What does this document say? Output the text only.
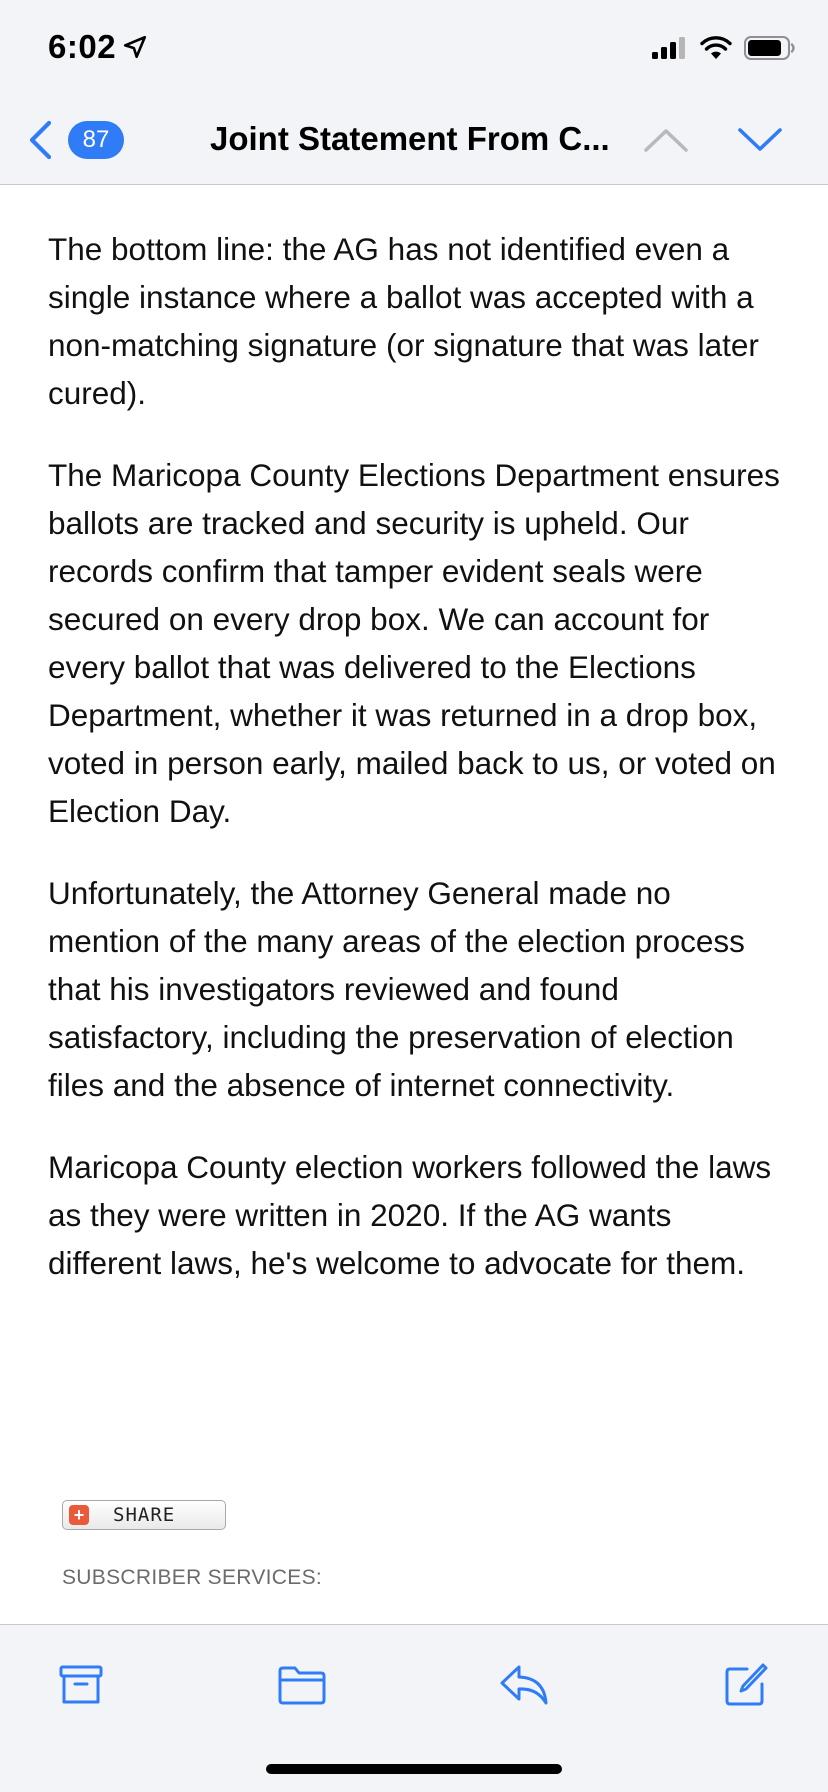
6:02
87	Joint Statement From C...

The bottom line: the AG has not identified even a single instance where a ballot was accepted with a non-matching signature (or signature that was later cured).

The Maricopa County Elections Department ensures ballots are tracked and security is upheld. Our records confirm that tamper evident seals were secured on every drop box. We can account for every ballot that was delivered to the Elections Department, whether it was returned in a drop box, voted in person early, mailed back to us, or voted on Election Day.

Unfortunately, the Attorney General made no mention of the many areas of the election process that his investigators reviewed and found satisfactory, including the preservation of election files and the absence of internet connectivity.

Maricopa County election workers followed the laws as they were written in 2020. If the AG wants different laws, he's welcome to advocate for them.

+ SHARE
SUBSCRIBER SERVICES:
